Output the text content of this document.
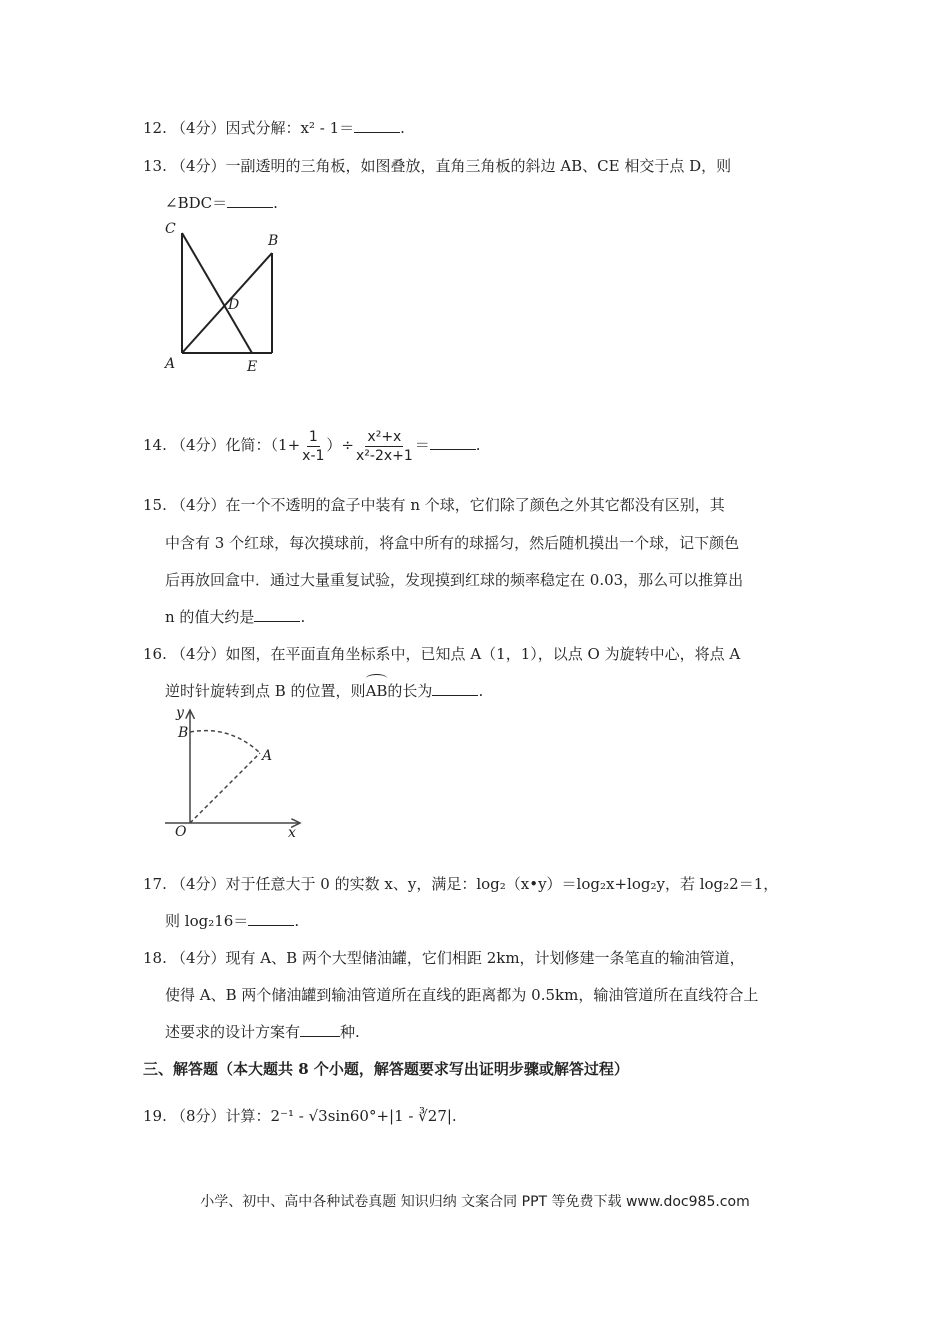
12. （4分）因式分解：x² - 1＝	.
13. （4分）一副透明的三角板，如图叠放，直角三角板的斜边 AB、CE 相交于点 D，则
∠BDC＝	.
C
B
D
A	E
14. （4分）化简：（$1+ \frac{1}{x-1}$ ）÷ $\frac{\text{x²+x}}{\text{x²-2x+1}}$ ＝	.
15. （4分）在一个不透明的盒子中装有 n 个球，它们除了颜色之外其它都没有区别，其
中含有 3 个红球，每次摸球前，将盒中所有的球摇匀，然后随机摸出一个球，记下颜色
后再放回盒中．通过大量重复试验，发现摸到红球的频率稳定在 0.03，那么可以推算出
n 的值大约是	.
16. （4分）如图，在平面直角坐标系中，已知点 A（1，1），以点 O 为旋转中心，将点 A
逆时针旋转到点 B 的位置，则
AB的长为	.
y
B
A
O	x
17. （4分）对于任意大于 0 的实数 x、y，满足：log₂（x•y）＝log₂x+log₂y，若 log₂2＝1，
则 log₂16＝	.
18. （4分）现有 A、B 两个大型储油罐，它们相距 2km，计划修建一条笔直的输油管道，
使得 A、B 两个储油罐到输油管道所在直线的距离都为 0.5km，输油管道所在直线符合上
述要求的设计方案有	种.
三、解答题（本大题共 8 个小题，解答题要求写出证明步骤或解答过程）
19. （8分）计算：2⁻¹ - √3sin60°+|1 - ∛27|.
小学、初中、高中各种试卷真题 知识归纳 文案合同 PPT 等免费下载 www.doc985.com
